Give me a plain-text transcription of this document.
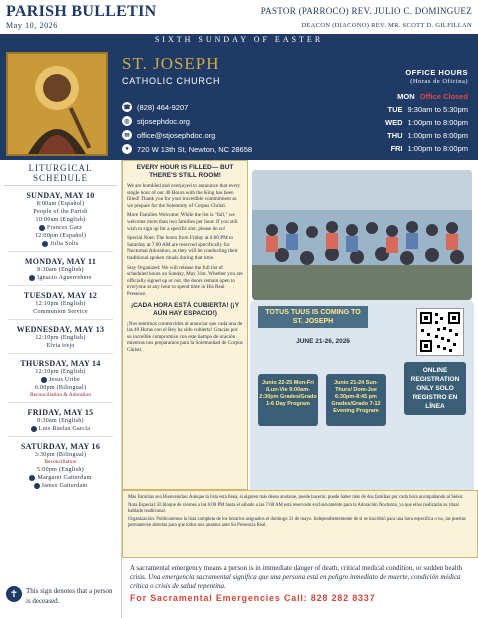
PARISH BULLETIN
May 10, 2026
PASTOR (PARROCO) REV. JULIO C. DOMINGUEZ
DEACON (DIACONO) REV. MR. SCOTT D. GILFILLAN
SIXTH SUNDAY OF EASTER
ST. JOSEPH
CATHOLIC CHURCH
☎ (828) 464-9207
◎ stjosephdoc.org
✉ office@stjosephdoc.org
●	720 W 13th St, Newton, NC 28658
OFFICE HOURS
(Horas de Oficina)
MON Office Closed
TUE 9:30am to 5:30pm
WED 1:00pm to 8:00pm
THU 1:00pm to 8:00pm
FRI 1:00pm to 8:00pm
LITURGICAL SCHEDULE
SUNDAY, MAY 10
8:00am (Español)
People of the Parish
10:00am (English)
Frances Gatz
12:00pm (Español)
Julia Solis
MONDAY, MAY 11
8:30am (English)
Ignacio Aguerrebere
TUESDAY, MAY 12
12:10pm (English)
Communion Service
WEDNESDAY, MAY 13
12:10pm (English)
Elvia trejo
THURSDAY, MAY 14
12:10pm (English)
Jesus Uribe
6:00pm (Bilingual)
Reconciliation & Adoration
FRIDAY, MAY 15
8:30am (English)
Luis Ruelas Garcia
SATURDAY, MAY 16
3:30pm (Bilingual)
Reconciliation
5:00pm (English)
Margaret Gatterdam
James Gatterdam
✝	This sign denotes that a person is deceased.
EVERY HOUR IS FILLED— BUT THERE'S STILL ROOM!
We are humbled and overjoyed to announce that every single hour of our 40 Hours with the King has been filled! Thank you for your incredible commitment as we prepare for the Solemnity of Corpus Christi.
More Families Welcome: While the list is "full," we welcome more than two families per hour. If you still wish to sign up for a specific slot, please do so!
Special Note: The hours from Friday at 6:00 PM to Saturday at 7:00 AM are reserved specifically for Nocturnal Adoration, as they will be conducting their traditional spoken rituals during that time.
Stay Organized: We will release the full list of scheduled hours on Sunday, May 31st. Whether you are officially signed up or not, the doors remain open to everyone at any hour to spend time in His Real Presence.
¡CADA HORA ESTÁ CUBIERTA! (¡Y AÚN HAY ESPACIO!)
¡Nos sentimos conmovidos al anunciar que cada una de las 40 Horas con el Rey ha sido cubierta! Gracias por su increíble compromiso con este tiempo de oración mientras nos preparamos para la Solemnidad de Corpus Christi.
TOTUS TUUS IS COMING TO ST. JOSEPH
JUNE 21-26, 2026
Junio 22-25 Mon-Fri /Lun-Vie 9:00am-2:30pm Grades/Grado 1-6 Day Program
Junio 21-24 Sun-Thurs/ Dom-Jue 6:30pm-8:45 pm Grades/Grado 7-12 Evening Program
ONLINE REGISTRATION ONLY SOLO REGISTRO EN LÍNEA
Más Familias son Bienvenidas: Aunque la lista está llena, si alguien más desea anotarse, puede hacerlo; puede haber más de dos familias por cada hora acompañando al Señor.
Nota Especial: El bloque de viernes a las 6:00 PM hasta el sábado a las 7:00 AM está reservado exclusivamente para la Adoración Nocturna, ya que ellos realizarán su ritual hablado tradicional.
Organización: Publicaremos la lista completa de los horarios asignados el domingo 31 de mayo. Independientemente de si se inscribió para una hora específica o no, las puertas permanecen abiertas para que todos nos unamos ante Su Presencia Real.
A sacramental emergency means a person is in immediate danger of death, critical medical condition, or sudden health crisis. Una emergencia sacramental significa que una persona está en peligro inmediato de muerte, condición médica crítica o crisis de salud repentina.
For Sacramental Emergencies Call: 828 282 8337
